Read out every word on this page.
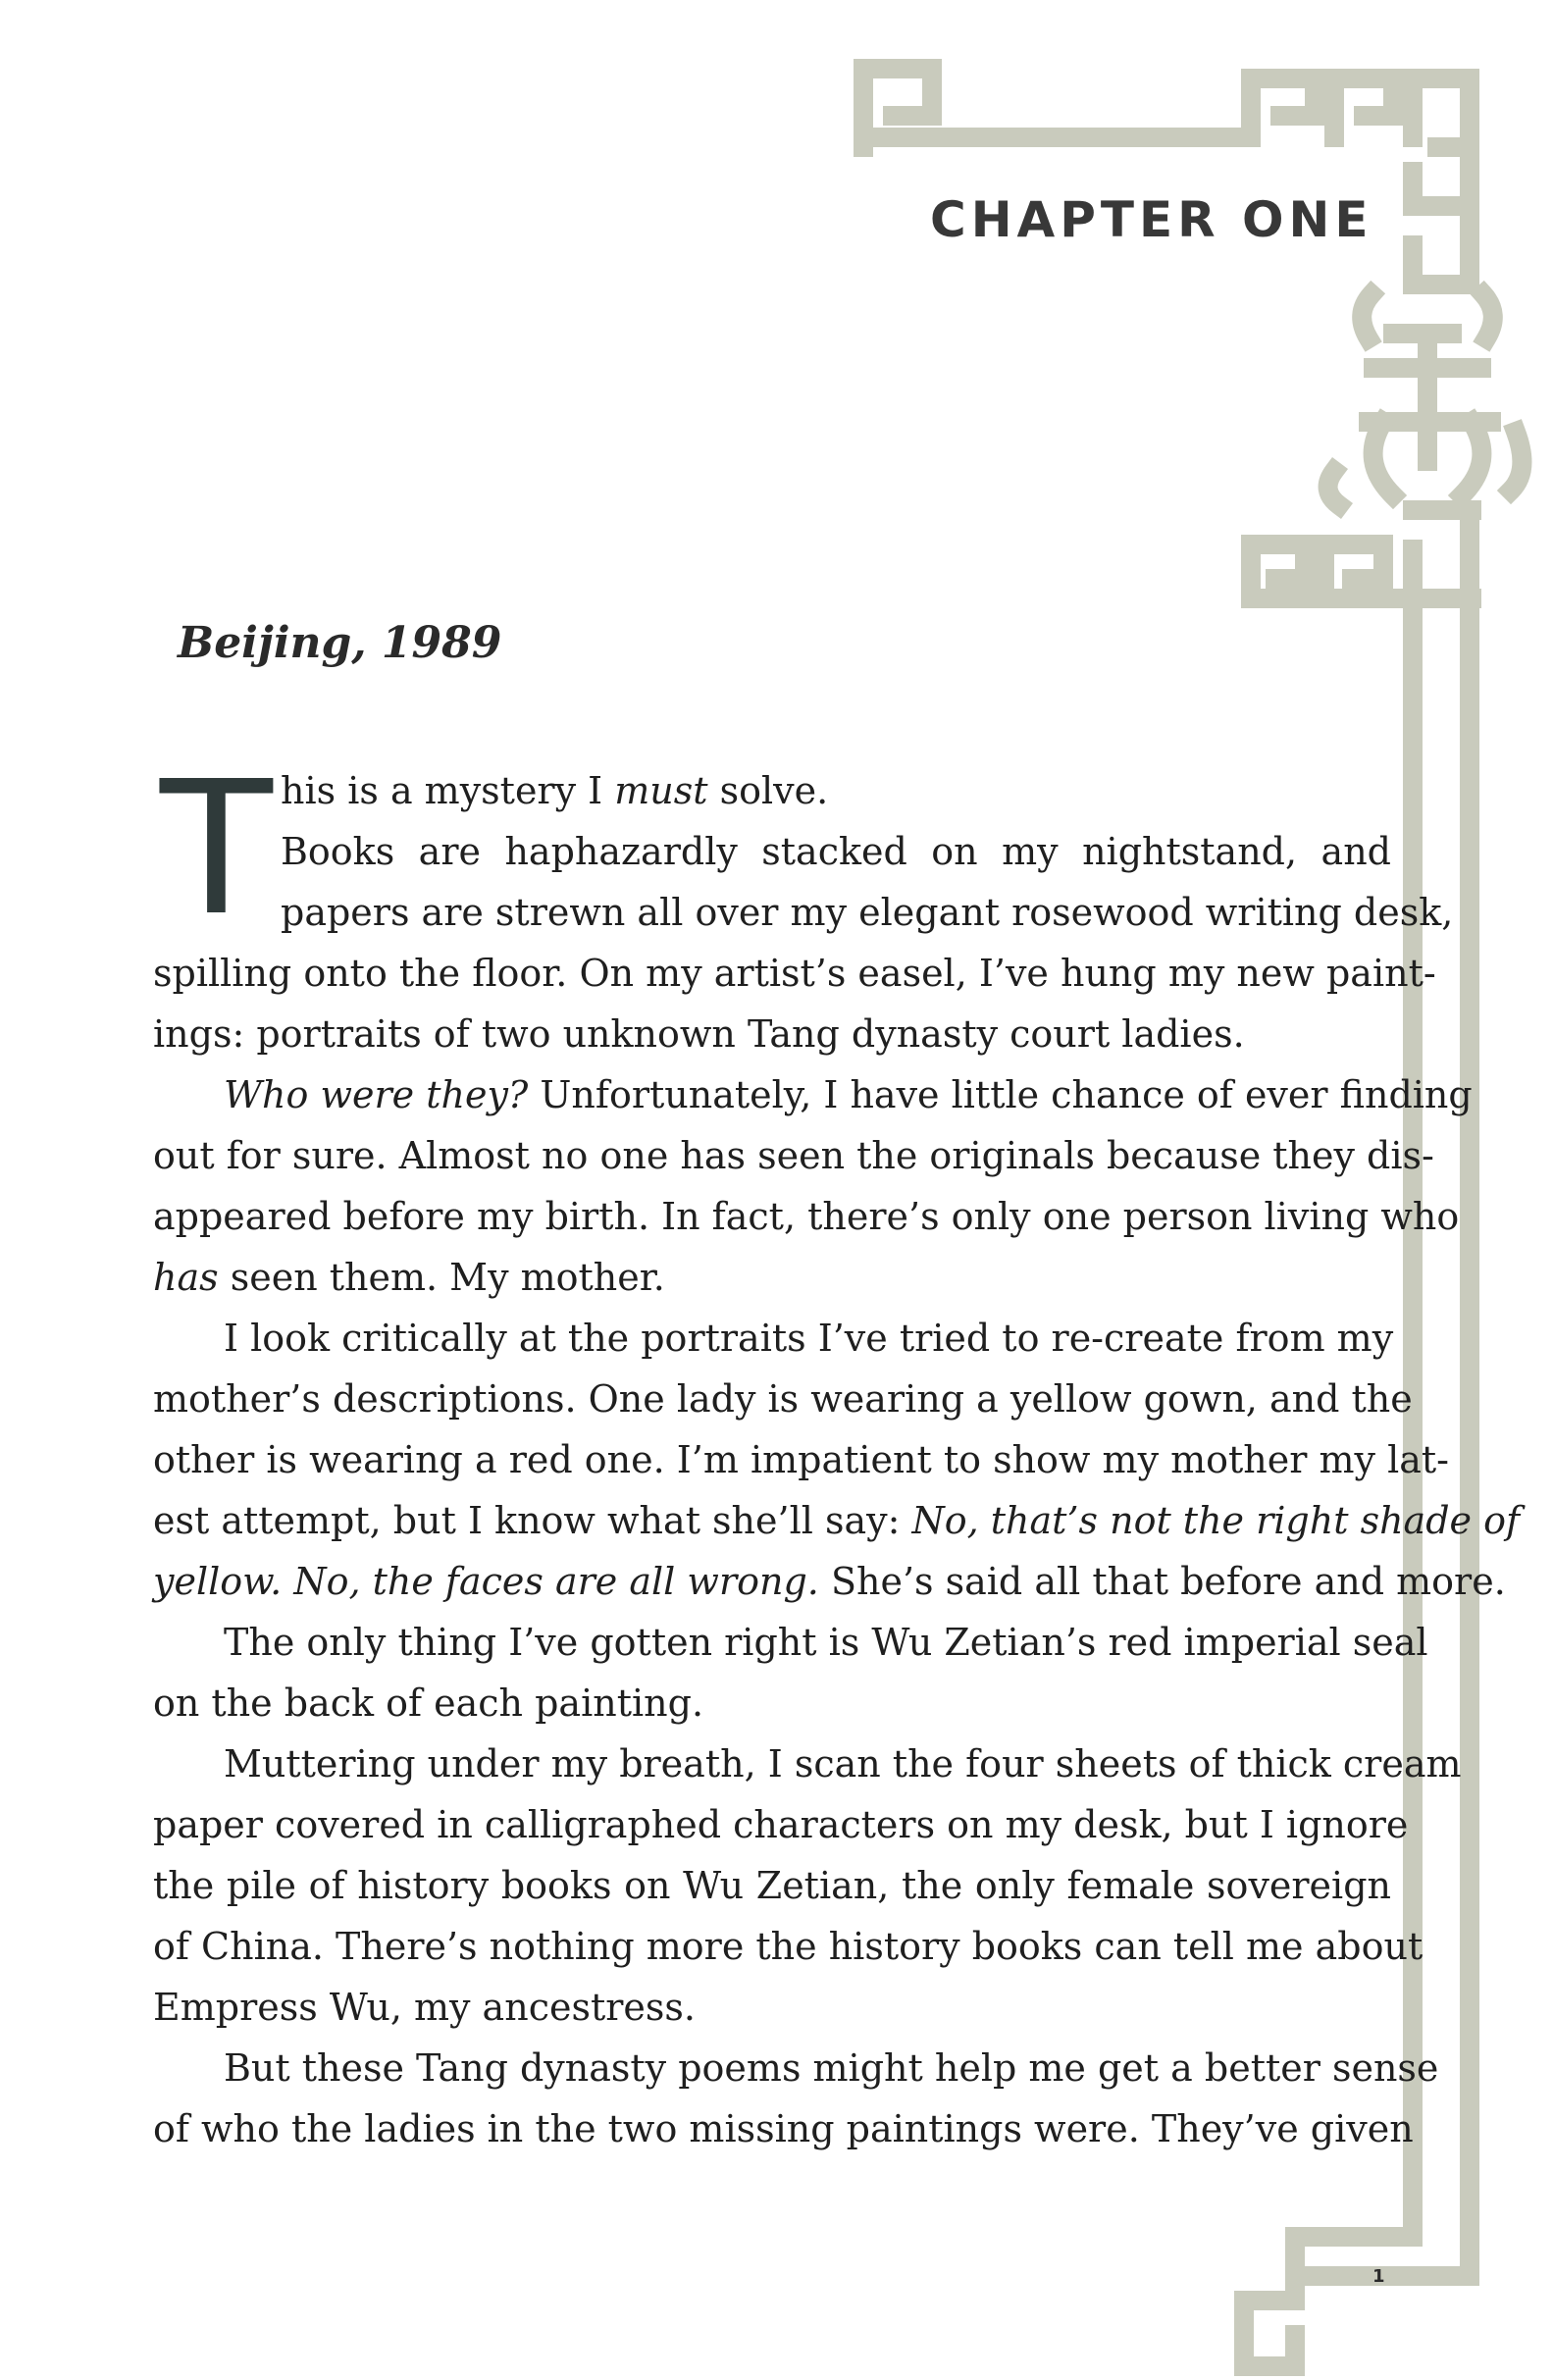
CHAPTER ONE
Beijing, 1989
T his is a mystery I must solve.
Books are haphazardly stacked on my nightstand, and
papers are strewn all over my elegant rosewood writing desk,
spilling onto the floor. On my artist’s easel, I’ve hung my new paint-
ings: portraits of two unknown Tang dynasty court ladies.
Who were they? Unfortunately, I have little chance of ever finding
out for sure. Almost no one has seen the originals because they dis-
appeared before my birth. In fact, there’s only one person living who
has seen them. My mother.
I look critically at the portraits I’ve tried to re-create from my
mother’s descriptions. One lady is wearing a yellow gown, and the
other is wearing a red one. I’m impatient to show my mother my lat-
est attempt, but I know what she’ll say: No, that’s not the right shade of
yellow. No, the faces are all wrong. She’s said all that before and more.
The only thing I’ve gotten right is Wu Zetian’s red imperial seal
on the back of each painting.
Muttering under my breath, I scan the four sheets of thick cream
paper covered in calligraphed characters on my desk, but I ignore
the pile of history books on Wu Zetian, the only female sovereign
of China. There’s nothing more the history books can tell me about
Empress Wu, my ancestress.
But these Tang dynasty poems might help me get a better sense
of who the ladies in the two missing paintings were. They’ve given
1
